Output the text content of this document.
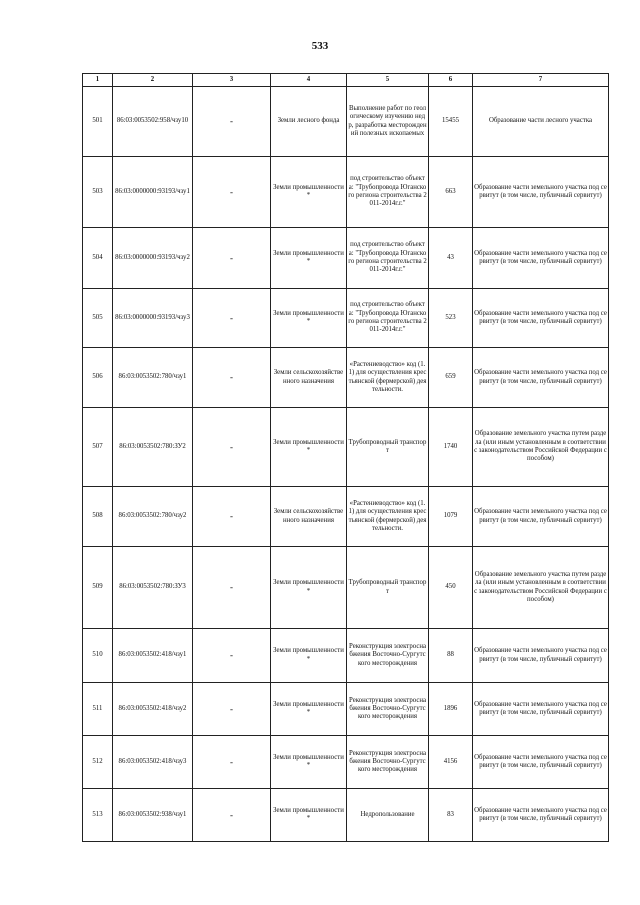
533
1	2	3	4	5	6	7
501	86:03:0053502:958/чзу10	-	Земли лесного фонда	Выполнение работ по геологическому изучению недр, разработка месторождений полезных ископаемых	15455	Образование части лесного участка
503	86:03:0000000:93193/чзу1	-	Земли промышленности*	под строительство объекта: "Трубопровода Юганского региона строительства 2011-2014г.г."	663	Образование части земельного участка под сервитут (в том числе, публичный сервитут)
504	86:03:0000000:93193/чзу2	-	Земли промышленности*	под строительство объекта: "Трубопровода Юганского региона строительства 2011-2014г.г."	43	Образование части земельного участка под сервитут (в том числе, публичный сервитут)
505	86:03:0000000:93193/чзу3	-	Земли промышленности*	под строительство объекта: "Трубопровода Юганского региона строительства 2011-2014г.г."	523	Образование части земельного участка под сервитут (в том числе, публичный сервитут)
506	86:03:0053502:780/чзу1	-	Земли сельскохозяйственного назначения	«Растениеводство» код (1.1) для осуществления крестьянской (фермерской) деятельности.	659	Образование части земельного участка под сервитут (в том числе, публичный сервитут)
507	86:03:0053502:780:ЗУ2	-	Земли промышленности*	Трубопроводный транспорт	1740	Образование земельного участка путем раздела (или иным установленным в соответствии с законодательством Российской Федерации способом)
508	86:03:0053502:780/чзу2	-	Земли сельскохозяйственного назначения	«Растениеводство» код (1.1) для осуществления крестьянской (фермерской) деятельности.	1079	Образование части земельного участка под сервитут (в том числе, публичный сервитут)
509	86:03:0053502:780:ЗУ3	-	Земли промышленности*	Трубопроводный транспорт	450	Образование земельного участка путем раздела (или иным установленным в соответствии с законодательством Российской Федерации способом)
510	86:03:0053502:418/чзу1	-	Земли промышленности*	Реконструкция электроснабжения Восточно-Сургутского месторождения	88	Образование части земельного участка под сервитут (в том числе, публичный сервитут)
511	86:03:0053502:418/чзу2	-	Земли промышленности*	Реконструкция электроснабжения Восточно-Сургутского месторождения	1896	Образование части земельного участка под сервитут (в том числе, публичный сервитут)
512	86:03:0053502:418/чзу3	-	Земли промышленности*	Реконструкция электроснабжения Восточно-Сургутского месторождения	4156	Образование части земельного участка под сервитут (в том числе, публичный сервитут)
513	86:03:0053502:938/чзу1	-	Земли промышленности*	Недропользование	83	Образование части земельного участка под сервитут (в том числе, публичный сервитут)
